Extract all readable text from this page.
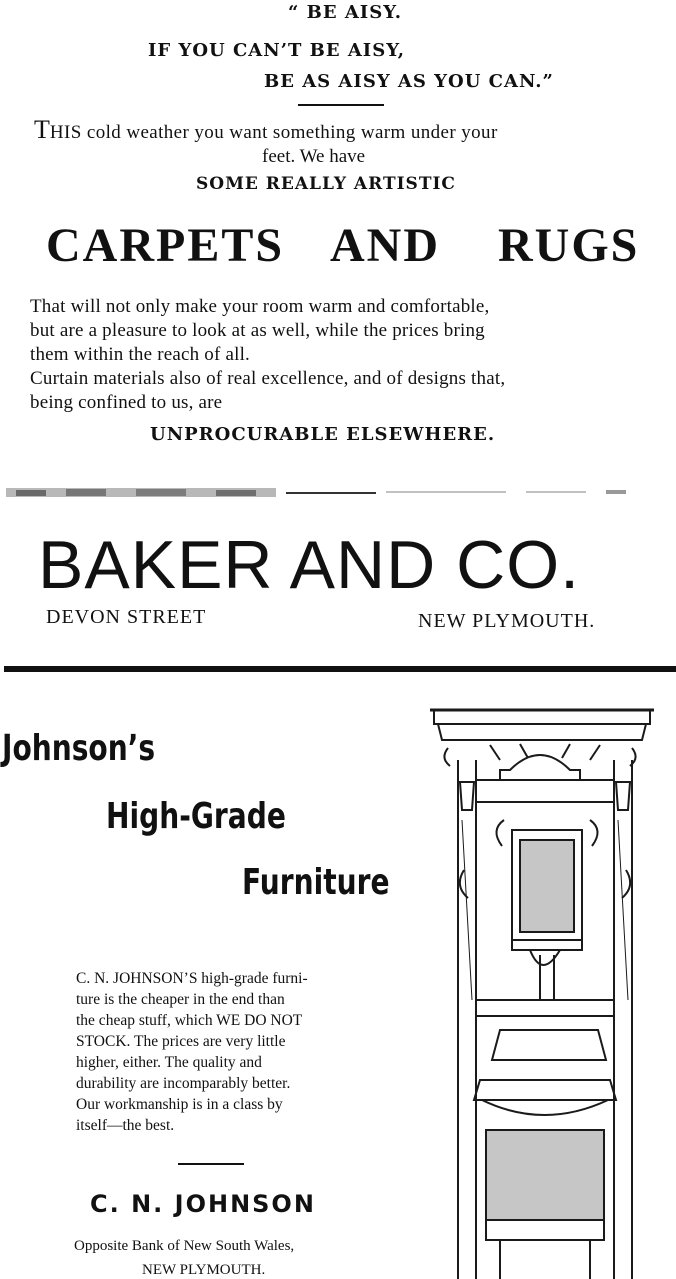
“ BE AISY.
IF YOU CAN’T BE AISY,
BE AS AISY AS YOU CAN.”
THIS cold weather you want something warm under your
feet. We have
SOME REALLY ARTISTIC
CARPETS AND RUGS
That will not only make your room warm and comfortable,
but are a pleasure to look at as well, while the prices bring
them within the reach of all.
Curtain materials also of real excellence, and of designs that,
being confined to us, are
UNPROCURABLE ELSEWHERE.
BAKER AND CO.
DEVON STREET	NEW PLYMOUTH.
Johnson’s
High-Grade
Furniture
C. N. JOHNSON’S high-grade furni-
ture is the cheaper in the end than
the cheap stuff, which WE DO NOT
STOCK. The prices are very little
higher, either. The quality and
durability are incomparably better.
Our workmanship is in a class by
itself—the best.
C. N. JOHNSON
Opposite Bank of New South Wales,
NEW PLYMOUTH.
